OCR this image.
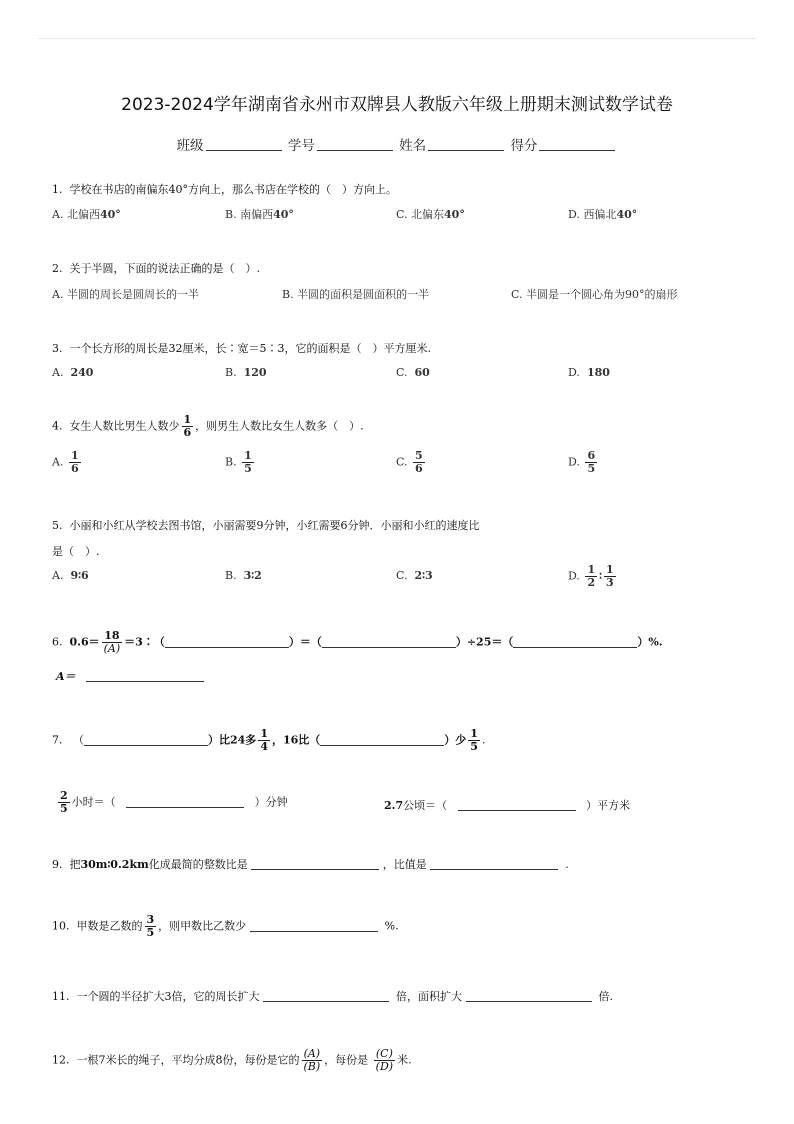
2023-2024学年湖南省永州市双牌县人教版六年级上册期末测试数学试卷
班级	学号	姓名	得分
1. 学校在书店的南偏东40°方向上，那么书店在学校的（　）方向上。
A. 北偏西40°	B. 南偏西40°	C. 北偏东40°	D. 西偏北40°
2. 关于半圆，下面的说法正确的是（　）.
A. 半圆的周长是圆周长的一半	B. 半圆的面积是圆面积的一半	C. 半圆是一个圆心角为90°的扇形
3. 一个长方形的周长是32厘米，长∶宽＝5∶3，它的面积是（　）平方厘米.
A. 240	B. 120	C. 60	D. 180
4. 女生人数比男生人数少 $\frac{1}{6}$ ，则男生人数比女生人数多（　）.
A. $\frac{1}{6}$	B. $\frac{1}{5}$	C. $\frac{5}{6}$	D. $\frac{6}{5}$
5. 小丽和小红从学校去图书馆，小丽需要9分钟，小红需要6分钟．小丽和小红的速度比
是（　）.
A. 9∶6	B. 3∶2	C. 2∶3	D. $\frac{1}{2}$ ∶ $\frac{1}{3}$
6. $0.6= \frac{18}{(A)}$ ＝3∶（	）＝（	）÷25＝（	）%.
A＝
7. （	）比24多 $\frac{1}{4}$ ，16比（	）少 $\frac{1}{5}$ .
$\frac{2}{5}$ 小时＝（	）分钟	2.7公顷＝（	）平方米
9. 把30m∶0.2km化成最简的整数比是	，比值是	.
10. 甲数是乙数的 $\frac{3}{5}$ ，则甲数比乙数少	%.
11. 一个圆的半径扩大3倍，它的周长扩大	倍，面积扩大	倍.
12. 一根7米长的绳子，平均分成8份，每份是它的 $\frac{(A)}{(B)}$ ，每份是 $\frac{(C)}{(D)}$ 米.
